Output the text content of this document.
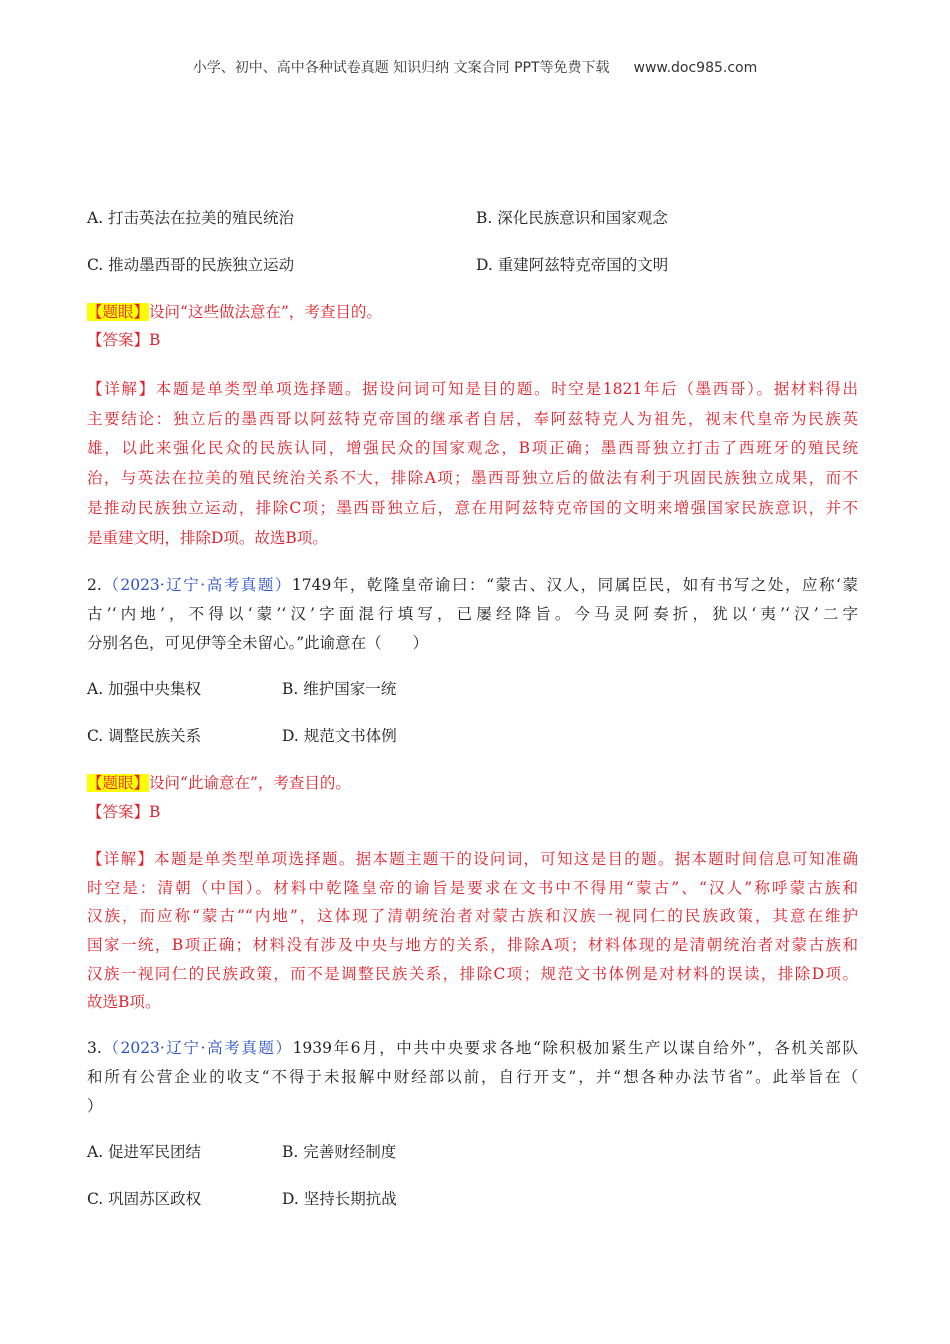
小学、初中、高中各种试卷真题 知识归纳 文案合同 PPT等免费下载 www.doc985.com
A. 打击英法在拉美的殖民统治	B. 深化民族意识和国家观念
C. 推动墨西哥的民族独立运动	D. 重建阿兹特克帝国的文明
【题眼】设问“这些做法意在”，考查目的。
【答案】B
【详解】本题是单类型单项选择题。据设问词可知是目的题。时空是1821年后（墨西哥）。据材料得出
主要结论：独立后的墨西哥以阿兹特克帝国的继承者自居，奉阿兹特克人为祖先，视末代皇帝为民族英
雄，以此来强化民众的民族认同，增强民众的国家观念，B项正确；墨西哥独立打击了西班牙的殖民统
治，与英法在拉美的殖民统治关系不大，排除A项；墨西哥独立后的做法有利于巩固民族独立成果，而不
是推动民族独立运动，排除C项；墨西哥独立后，意在用阿兹特克帝国的文明来增强国家民族意识，并不
是重建文明，排除D项。故选B项。
2.（2023·辽宁·高考真题）1749年，乾隆皇帝谕曰：“蒙古、汉人，同属臣民，如有书写之处，应称‘蒙
古’‘内地’，不得以‘蒙’‘汉’字面混行填写，已屡经降旨。今马灵阿奏折，犹以‘夷’‘汉’二字
分别名色，可见伊等全未留心。”此谕意在（　　）
A. 加强中央集权	B. 维护国家一统
C. 调整民族关系	D. 规范文书体例
【题眼】设问“此谕意在”，考查目的。
【答案】B
【详解】本题是单类型单项选择题。据本题主题干的设问词，可知这是目的题。据本题时间信息可知准确
时空是：清朝（中国）。材料中乾隆皇帝的谕旨是要求在文书中不得用“蒙古”、“汉人”称呼蒙古族和
汉族，而应称“蒙古”“内地”，这体现了清朝统治者对蒙古族和汉族一视同仁的民族政策，其意在维护
国家一统，B项正确；材料没有涉及中央与地方的关系，排除A项；材料体现的是清朝统治者对蒙古族和
汉族一视同仁的民族政策，而不是调整民族关系，排除C项；规范文书体例是对材料的误读，排除D项。
故选B项。
3.（2023·辽宁·高考真题）1939年6月，中共中央要求各地“除积极加紧生产以谋自给外”，各机关部队
和所有公营企业的收支“不得于未报解中财经部以前，自行开支”，并“想各种办法节省”。此举旨在（
）
A. 促进军民团结	B. 完善财经制度
C. 巩固苏区政权	D. 坚持长期抗战
